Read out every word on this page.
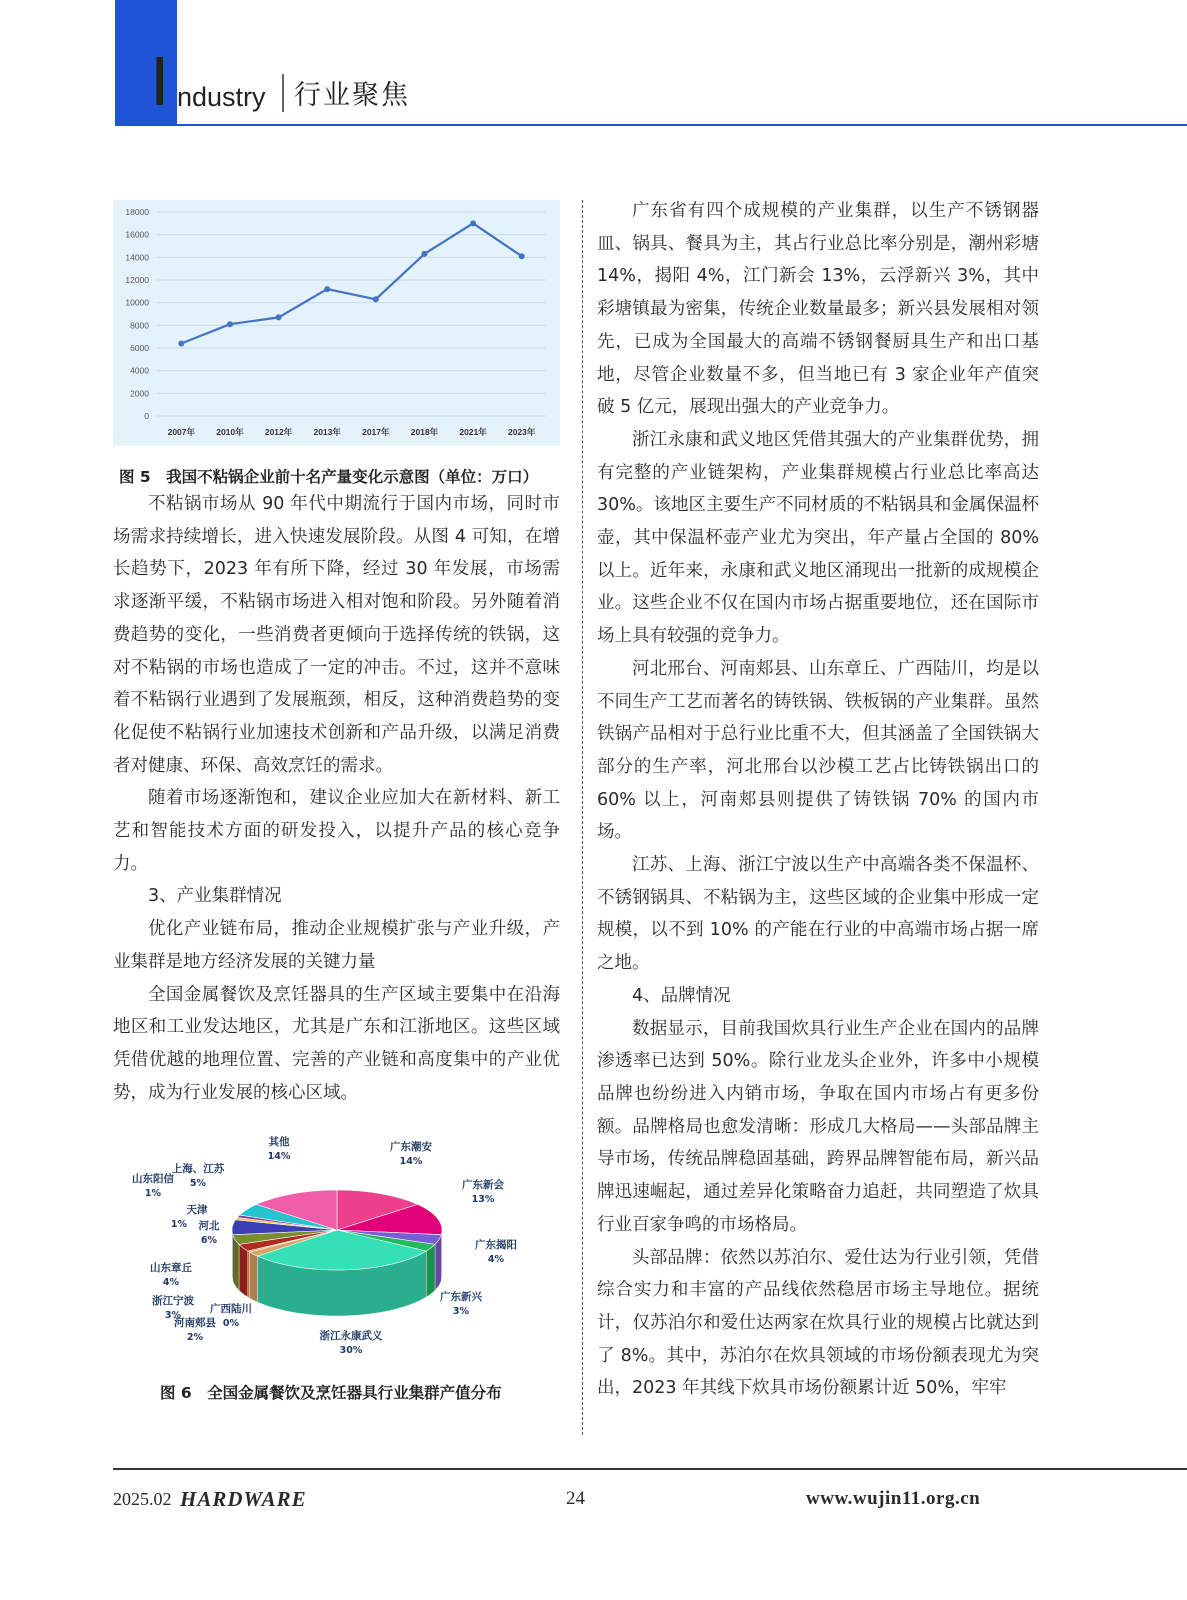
I ndustry 行业聚焦
0
2000
4000
6000
8000
10000
12000
14000
16000
18000
2007年 2010年 2012年 2013年 2017年 2018年 2021年 2023年
图 5　我国不粘锅企业前十名产量变化示意图（单位：万口）

不粘锅市场从 90 年代中期流行于国内市场，同时市场需求持续增长，进入快速发展阶段。从图 4 可知，在增长趋势下，2023 年有所下降，经过 30 年发展，市场需求逐渐平缓，不粘锅市场进入相对饱和阶段。另外随着消费趋势的变化，一些消费者更倾向于选择传统的铁锅，这对不粘锅的市场也造成了一定的冲击。不过，这并不意味着不粘锅行业遇到了发展瓶颈，相反，这种消费趋势的变化促使不粘锅行业加速技术创新和产品升级，以满足消费者对健康、环保、高效烹饪的需求。

随着市场逐渐饱和，建议企业应加大在新材料、新工艺和智能技术方面的研发投入，以提升产品的核心竞争力。

3、产业集群情况

优化产业链布局，推动企业规模扩张与产业升级，产业集群是地方经济发展的关键力量

全国金属餐饮及烹饪器具的生产区域主要集中在沿海地区和工业发达地区，尤其是广东和江浙地区。这些区域凭借优越的地理位置、完善的产业链和高度集中的产业优势，成为行业发展的核心区域。

广东潮安
14%
广东新会
13%
广东揭阳
4%
广东新兴
3%
浙江永康武义
30%
河南郏县
2%
广西陆川
0%
浙江宁波
3%
山东章丘
4%
河北
6%
天津
1%
山东阳信
1%
上海、江苏
5%
其他
14%
图 6　全国金属餐饮及烹饪器具行业集群产值分布

广东省有四个成规模的产业集群，以生产不锈钢器皿、锅具、餐具为主，其占行业总比率分别是，潮州彩塘 14%，揭阳 4%，江门新会 13%，云浮新兴 3%，其中彩塘镇最为密集，传统企业数量最多；新兴县发展相对领先，已成为全国最大的高端不锈钢餐厨具生产和出口基地，尽管企业数量不多，但当地已有 3 家企业年产值突破 5 亿元，展现出强大的产业竞争力。

浙江永康和武义地区凭借其强大的产业集群优势，拥有完整的产业链架构，产业集群规模占行业总比率高达 30%。该地区主要生产不同材质的不粘锅具和金属保温杯壶，其中保温杯壶产业尤为突出，年产量占全国的 80% 以上。近年来，永康和武义地区涌现出一批新的成规模企业。这些企业不仅在国内市场占据重要地位，还在国际市场上具有较强的竞争力。

河北邢台、河南郏县、山东章丘、广西陆川，均是以不同生产工艺而著名的铸铁锅、铁板锅的产业集群。虽然铁锅产品相对于总行业比重不大，但其涵盖了全国铁锅大部分的生产率，河北邢台以沙模工艺占比铸铁锅出口的 60% 以上，河南郏县则提供了铸铁锅 70% 的国内市场。

江苏、上海、浙江宁波以生产中高端各类不保温杯、不锈钢锅具、不粘锅为主，这些区域的企业集中形成一定规模，以不到 10% 的产能在行业的中高端市场占据一席之地。

4、品牌情况

数据显示，目前我国炊具行业生产企业在国内的品牌渗透率已达到 50%。除行业龙头企业外，许多中小规模品牌也纷纷进入内销市场，争取在国内市场占有更多份额。品牌格局也愈发清晰：形成几大格局——头部品牌主导市场，传统品牌稳固基础，跨界品牌智能布局，新兴品牌迅速崛起，通过差异化策略奋力追赶，共同塑造了炊具行业百家争鸣的市场格局。

头部品牌：依然以苏泊尔、爱仕达为行业引领，凭借综合实力和丰富的产品线依然稳居市场主导地位。据统计，仅苏泊尔和爱仕达两家在炊具行业的规模占比就达到了 8%。其中，苏泊尔在炊具领域的市场份额表现尤为突出，2023 年其线下炊具市场份额累计近 50%，牢牢

2025.02 HARDWARE	24	www.wujin11.org.cn
